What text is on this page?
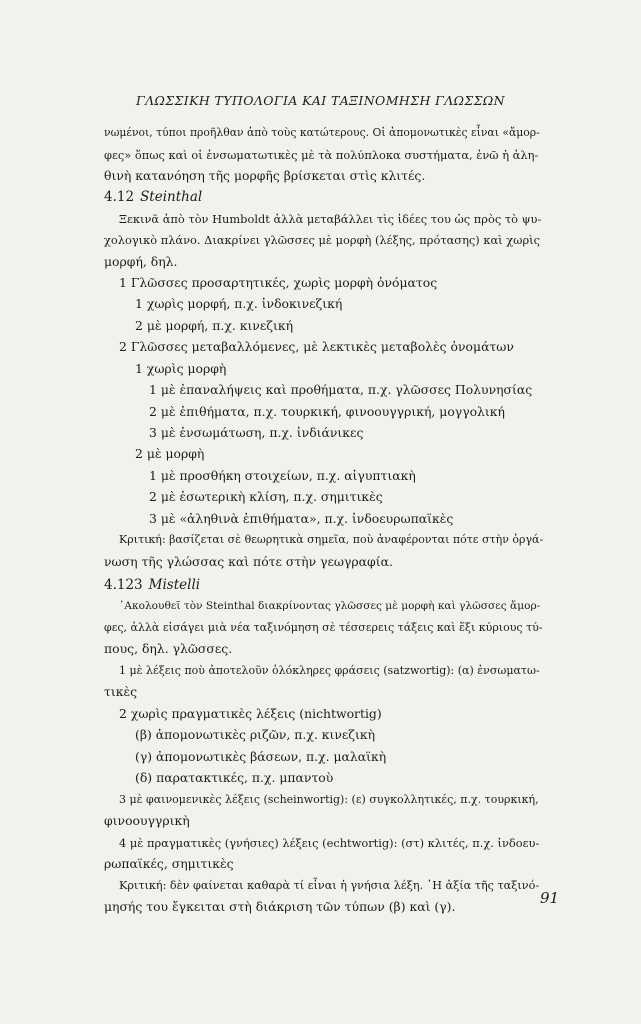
ΓΛΩΣΣΙΚΗ ΤΥΠΟΛΟΓΙΑ ΚΑΙ ΤΑΞΙΝΟΜΗΣΗ ΓΛΩΣΣΩΝ
νωμένοι, τύποι προῆλθαν ἀπὸ τοὺς κατώτερους. Οἱ ἀπομονωτικὲς εἶναι «ἄμορ-
φες» ὅπως καὶ οἱ ἐνσωματωτικὲς μὲ τὰ πολύπλοκα συστήματα, ἐνῶ ἡ ἀλη-
θινὴ κατανόηση τῆς μορφῆς βρίσκεται στὶς κλιτές.
4.12 Steinthal
Ξεκινᾶ ἀπὸ τὸν Humboldt ἀλλὰ μεταβάλλει τὶς ἰδέες του ὡς πρὸς τὸ ψυ-
χολογικὸ πλάνο. Διακρίνει γλῶσσες μὲ μορφὴ (λέξης, πρότασης) καὶ χωρὶς
μορφή, δηλ.
1 Γλῶσσες προσαρτητικές, χωρὶς μορφὴ ὀνόματος
1 χωρὶς μορφή, π.χ. ἰνδοκινεζική
2 μὲ μορφή, π.χ. κινεζική
2 Γλῶσσες μεταβαλλόμενες, μὲ λεκτικὲς μεταβολὲς ὀνομάτων
1 χωρὶς μορφὴ
1 μὲ ἐπαναλήψεις καὶ προθήματα, π.χ. γλῶσσες Πολυνησίας
2 μὲ ἐπιθήματα, π.χ. τουρκική, φινοουγγρική, μογγολική
3 μὲ ἐνσωμάτωση, π.χ. ἰνδιάνικες
2 μὲ μορφὴ
1 μὲ προσθήκη στοιχείων, π.χ. αἰγυπτιακὴ
2 μὲ ἐσωτερικὴ κλίση, π.χ. σημιτικὲς
3 μὲ «ἀληθινὰ ἐπιθήματα», π.χ. ἰνδοευρωπαϊκὲς
Κριτική: βασίζεται σὲ θεωρητικὰ σημεῖα, ποὺ ἀναφέρονται πότε στὴν ὀργά-
νωση τῆς γλώσσας καὶ πότε στὴν γεωγραφία.
4.123 Mistelli
᾿Ακολουθεῖ τὸν Steinthal διακρίνοντας γλῶσσες μὲ μορφὴ καὶ γλῶσσες ἄμορ-
φες, ἀλλὰ εἰσάγει μιὰ νέα ταξινόμηση σὲ τέσσερεις τάξεις καὶ ἕξι κύριους τύ-
πους, δηλ. γλῶσσες.
1 μὲ λέξεις ποὺ ἀποτελοῦν ὁλόκληρες φράσεις (satzwortig): (α) ἐνσωματω-
τικὲς
2 χωρὶς πραγματικὲς λέξεις (nichtwortig)
(β) ἀπομονωτικὲς ριζῶν, π.χ. κινεζικὴ
(γ) ἀπομονωτικὲς βάσεων, π.χ. μαλαϊκὴ
(δ) παρατακτικές, π.χ. μπαντοὺ
3 μὲ φαινομενικὲς λέξεις (scheinwortig): (ε) συγκολλητικές, π.χ. τουρκική,
φινοουγγρικὴ
4 μὲ πραγματικὲς (γνήσιες) λέξεις (echtwortig): (στ) κλιτές, π.χ. ἰνδοευ-
ρωπαϊκές, σημιτικὲς
Κριτική: δὲν φαίνεται καθαρὰ τί εἶναι ἡ γνήσια λέξη. ῾Η ἀξία τῆς ταξινό-
μησής του ἔγκειται στὴ διάκριση τῶν τύπων (β) καὶ (γ).	91
